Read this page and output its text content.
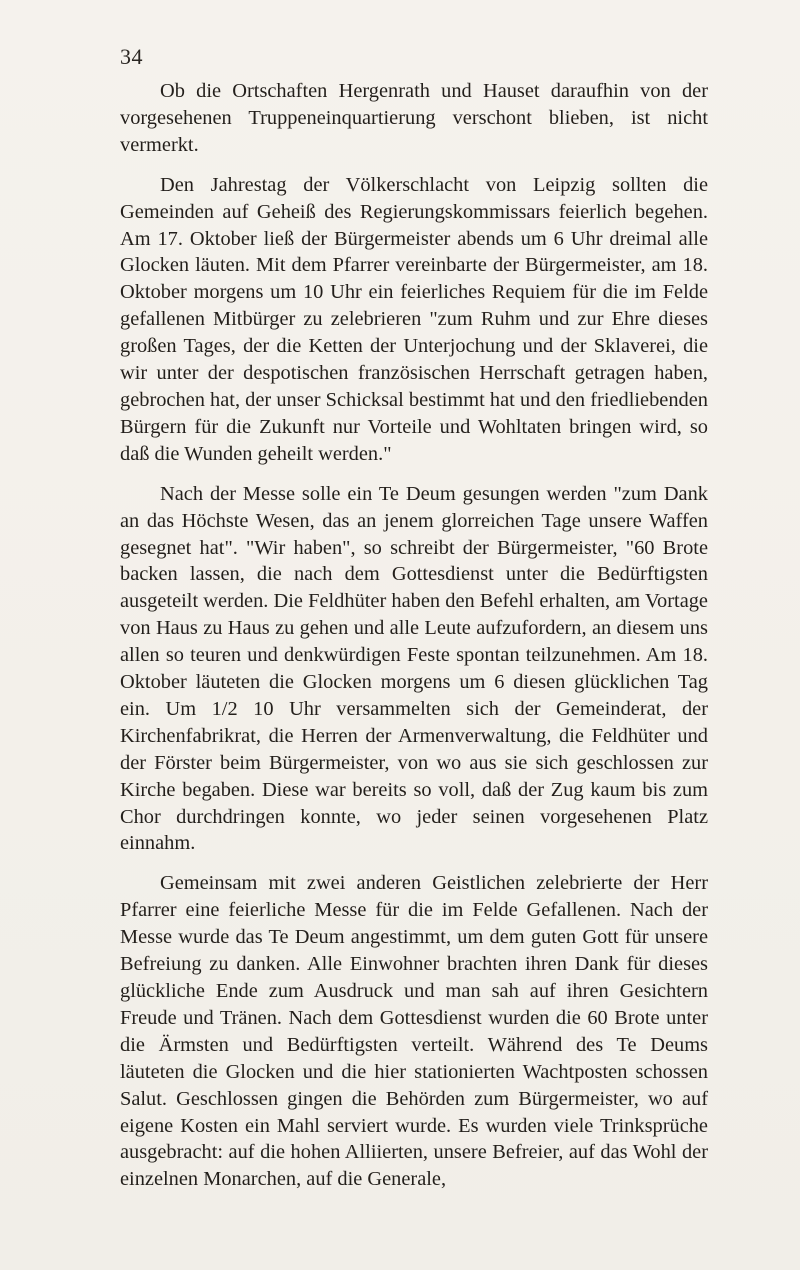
34

Ob die Ortschaften Hergenrath und Hauset daraufhin von der vorgesehenen Truppeneinquartierung verschont blieben, ist nicht vermerkt.

Den Jahrestag der Völkerschlacht von Leipzig sollten die Gemeinden auf Geheiß des Regierungskommissars feierlich begehen. Am 17. Oktober ließ der Bürgermeister abends um 6 Uhr dreimal alle Glocken läuten. Mit dem Pfarrer vereinbarte der Bürgermeister, am 18. Oktober morgens um 10 Uhr ein feierliches Requiem für die im Felde gefallenen Mitbürger zu zelebrieren "zum Ruhm und zur Ehre dieses großen Tages, der die Ketten der Unterjochung und der Sklaverei, die wir unter der despotischen französischen Herrschaft getragen haben, gebrochen hat, der unser Schicksal bestimmt hat und den friedliebenden Bürgern für die Zukunft nur Vorteile und Wohltaten bringen wird, so daß die Wunden geheilt werden."

Nach der Messe solle ein Te Deum gesungen werden "zum Dank an das Höchste Wesen, das an jenem glorreichen Tage unsere Waffen gesegnet hat". "Wir haben", so schreibt der Bürgermeister, "60 Brote backen lassen, die nach dem Gottesdienst unter die Bedürftigsten ausgeteilt werden. Die Feldhüter haben den Befehl erhalten, am Vortage von Haus zu Haus zu gehen und alle Leute aufzufordern, an diesem uns allen so teuren und denkwürdigen Feste spontan teilzunehmen. Am 18. Oktober läuteten die Glocken morgens um 6 diesen glücklichen Tag ein. Um 1/2 10 Uhr versammelten sich der Gemeinderat, der Kirchenfabrikrat, die Herren der Armenverwaltung, die Feldhüter und der Förster beim Bürgermeister, von wo aus sie sich geschlossen zur Kirche begaben. Diese war bereits so voll, daß der Zug kaum bis zum Chor durchdringen konnte, wo jeder seinen vorgesehenen Platz einnahm.

Gemeinsam mit zwei anderen Geistlichen zelebrierte der Herr Pfarrer eine feierliche Messe für die im Felde Gefallenen. Nach der Messe wurde das Te Deum angestimmt, um dem guten Gott für unsere Befreiung zu danken. Alle Einwohner brachten ihren Dank für dieses glückliche Ende zum Ausdruck und man sah auf ihren Gesichtern Freude und Tränen. Nach dem Gottesdienst wurden die 60 Brote unter die Ärmsten und Bedürftigsten verteilt. Während des Te Deums läuteten die Glocken und die hier stationierten Wachtposten schossen Salut. Geschlossen gingen die Behörden zum Bürgermeister, wo auf eigene Kosten ein Mahl serviert wurde. Es wurden viele Trinksprüche ausgebracht: auf die hohen Alliierten, unsere Befreier, auf das Wohl der einzelnen Monarchen, auf die Generale,
